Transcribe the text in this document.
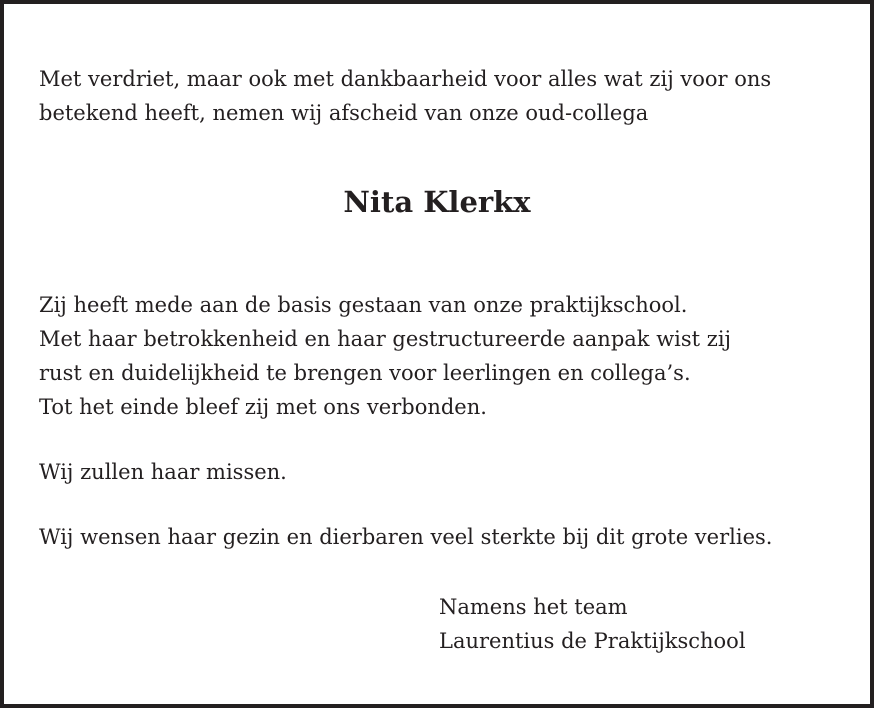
Met verdriet, maar ook met dankbaarheid voor alles wat zij voor ons
betekend heeft, nemen wij afscheid van onze oud-collega

Nita Klerkx

Zij heeft mede aan de basis gestaan van onze praktijkschool.
Met haar betrokkenheid en haar gestructureerde aanpak wist zij
rust en duidelijkheid te brengen voor leerlingen en collega’s.
Tot het einde bleef zij met ons verbonden.

Wij zullen haar missen.

Wij wensen haar gezin en dierbaren veel sterkte bij dit grote verlies.

Namens het team
Laurentius de Praktijkschool
